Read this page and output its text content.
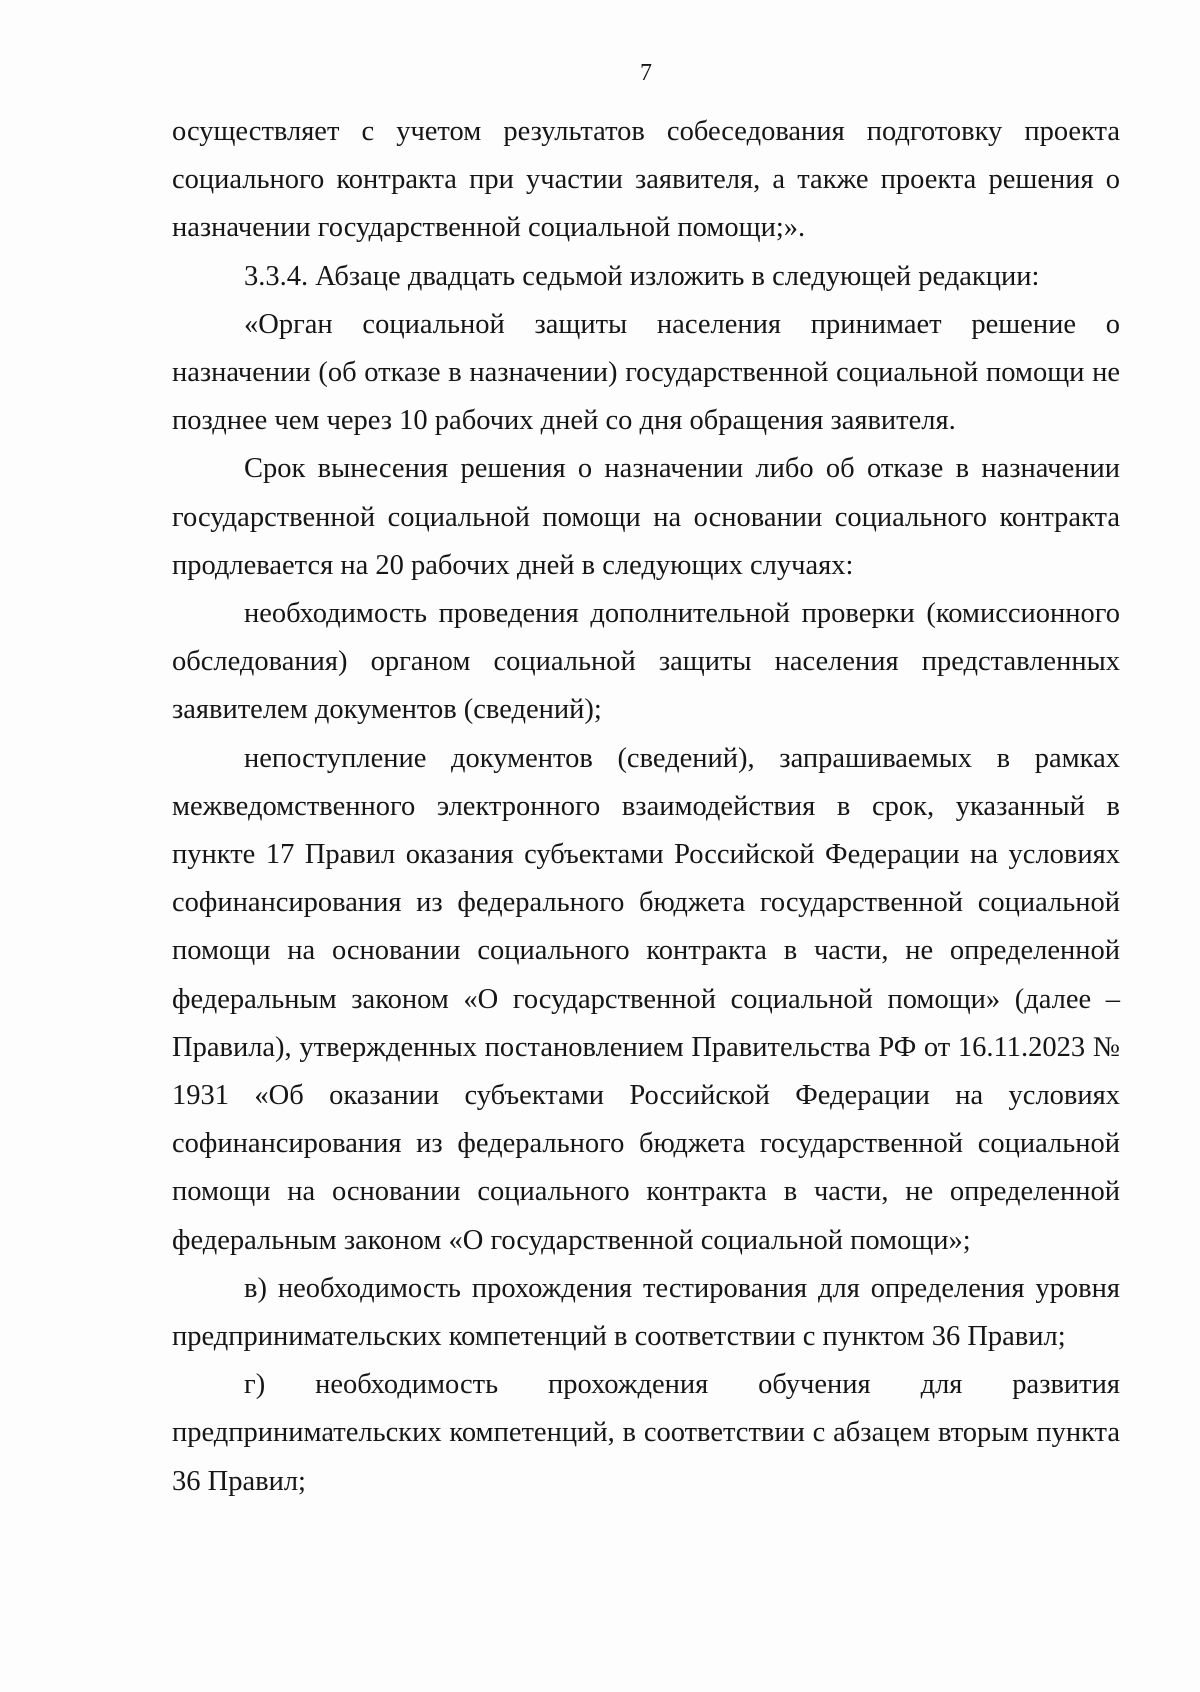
7

осуществляет с учетом результатов собеседования подготовку проекта социального контракта при участии заявителя, а также проекта решения о назначении государственной социальной помощи;».

3.3.4. Абзаце двадцать седьмой изложить в следующей редакции:

«Орган социальной защиты населения принимает решение о назначении (об отказе в назначении) государственной социальной помощи не позднее чем через 10 рабочих дней со дня обращения заявителя.

Срок вынесения решения о назначении либо об отказе в назначении государственной социальной помощи на основании социального контракта продлевается на 20 рабочих дней в следующих случаях:

необходимость проведения дополнительной проверки (комиссионного обследования) органом социальной защиты населения представленных заявителем документов (сведений);

непоступление документов (сведений), запрашиваемых в рамках межведомственного электронного взаимодействия в срок, указанный в пункте 17 Правил оказания субъектами Российской Федерации на условиях софинансирования из федерального бюджета государственной социальной помощи на основании социального контракта в части, не определенной федеральным законом «О государственной социальной помощи» (далее – Правила), утвержденных постановлением Правительства РФ от 16.11.2023 № 1931 «Об оказании субъектами Российской Федерации на условиях софинансирования из федерального бюджета государственной социальной помощи на основании социального контракта в части, не определенной федеральным законом «О государственной социальной помощи»;

в) необходимость прохождения тестирования для определения уровня предпринимательских компетенций в соответствии с пунктом 36 Правил;

г) необходимость прохождения обучения для развития предпринимательских компетенций, в соответствии с абзацем вторым пункта 36 Правил;
